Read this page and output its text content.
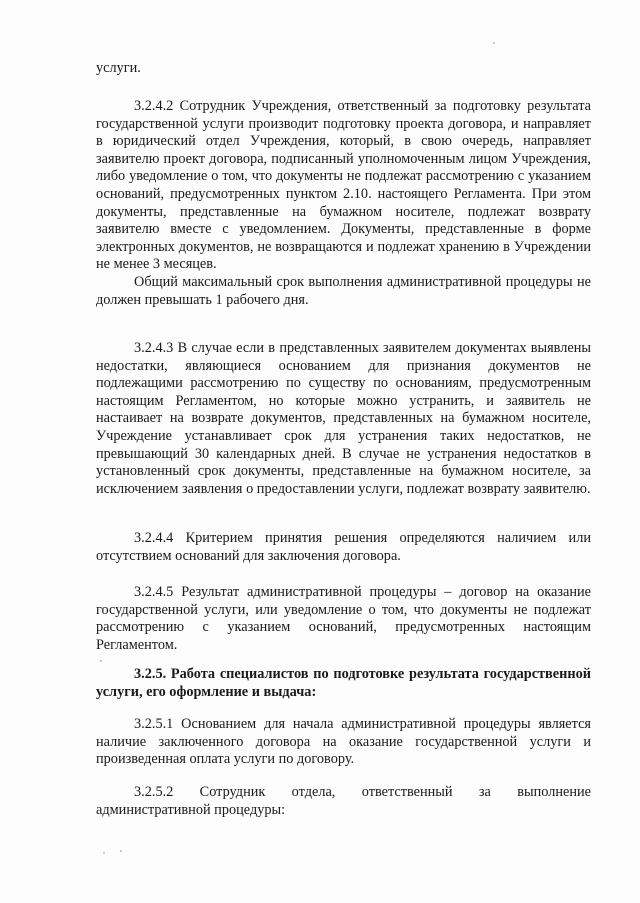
услуги.

3.2.4.2 Сотрудник Учреждения, ответственный за подготовку результата государственной услуги производит подготовку проекта договора, и направляет в юридический отдел Учреждения, который, в свою очередь, направляет заявителю проект договора, подписанный уполномоченным лицом Учреждения, либо уведомление о том, что документы не подлежат рассмотрению с указанием оснований, предусмотренных пунктом 2.10. настоящего Регламента. При этом документы, представленные на бумажном носителе, подлежат возврату заявителю вместе с уведомлением. Документы, представленные в форме электронных документов, не возвращаются и подлежат хранению в Учреждении не менее 3 месяцев.

Общий максимальный срок выполнения административной процедуры не должен превышать 1 рабочего дня.

3.2.4.3 В случае если в представленных заявителем документах выявлены недостатки, являющиеся основанием для признания документов не подлежащими рассмотрению по существу по основаниям, предусмотренным настоящим Регламентом, но которые можно устранить, и заявитель не настаивает на возврате документов, представленных на бумажном носителе, Учреждение устанавливает срок для устранения таких недостатков, не превышающий 30 календарных дней. В случае не устранения недостатков в установленный срок документы, представленные на бумажном носителе, за исключением заявления о предоставлении услуги, подлежат возврату заявителю.

3.2.4.4 Критерием принятия решения определяются наличием или отсутствием оснований для заключения договора.

3.2.4.5 Результат административной процедуры – договор на оказание государственной услуги, или уведомление о том, что документы не подлежат рассмотрению с указанием оснований, предусмотренных настоящим Регламентом.

3.2.5. Работа специалистов по подготовке результата государственной услуги, его оформление и выдача:

3.2.5.1 Основанием для начала административной процедуры является наличие заключенного договора на оказание государственной услуги и произведенная оплата услуги по договору.

3.2.5.2 Сотрудник отдела, ответственный за выполнение административной процедуры:
